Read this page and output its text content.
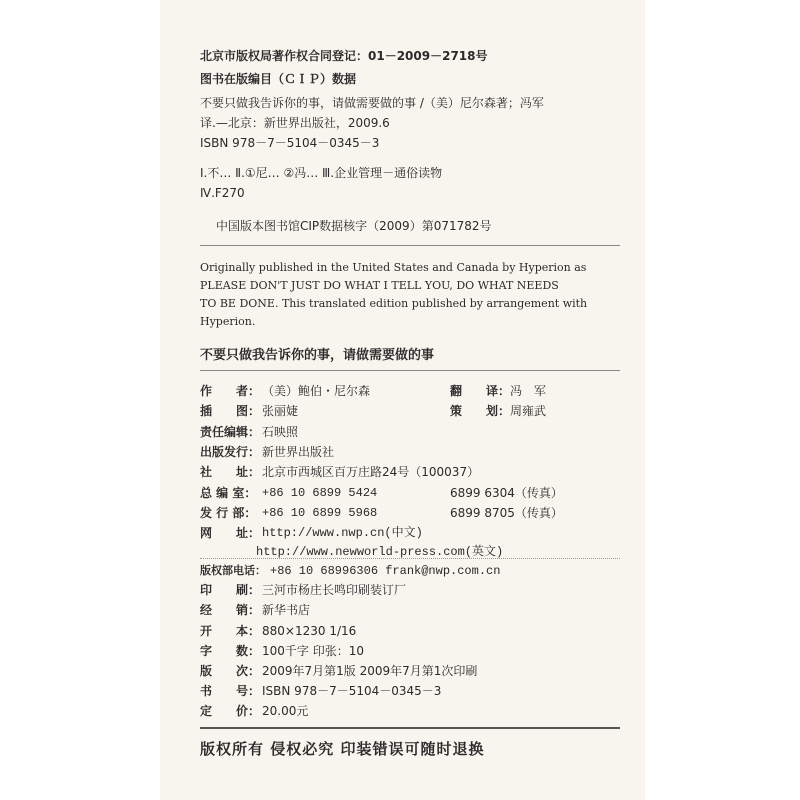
北京市版权局著作权合同登记：01－2009－2718号
图书在版编目（ＣＩＰ）数据
不要只做我告诉你的事，请做需要做的事 /（美）尼尔森著；冯军
译.—北京：新世界出版社，2009.6
ISBN 978－7－5104－0345－3
Ⅰ.不… Ⅱ.①尼… ②冯… Ⅲ.企业管理－通俗读物
Ⅳ.F270
中国版本图书馆CIP数据核字（2009）第071782号
Originally published in the United States and Canada by Hyperion as
PLEASE DON'T JUST DO WHAT I TELL YOU, DO WHAT NEEDS
TO BE DONE. This translated edition published by arrangement with
Hyperion.
不要只做我告诉你的事，请做需要做的事
作　　者： （美）鲍伯・尼尔森	翻　　译： 冯　军
插　　图： 张丽婕	策　　划： 周雍武
责任编辑： 石映照
出版发行： 新世界出版社
社　　址： 北京市西城区百万庄路24号（100037）
总 编 室： +86 10 6899 5424	6899 6304（传真）
发 行 部： +86 10 6899 5968	6899 8705（传真）
网　　址： http://www.nwp.cn(中文)
http://www.newworld-press.com(英文)
版权部电话： +86 10 68996306 frank@nwp.com.cn
印　　刷： 三河市杨庄长鸣印刷装订厂
经　　销： 新华书店
开　　本： 880×1230 1/16
字　　数： 100千字 印张：10
版　　次： 2009年7月第1版 2009年7月第1次印刷
书　　号： ISBN 978－7－5104－0345－3
定　　价： 20.00元
版权所有 侵权必究 印装错误可随时退换
